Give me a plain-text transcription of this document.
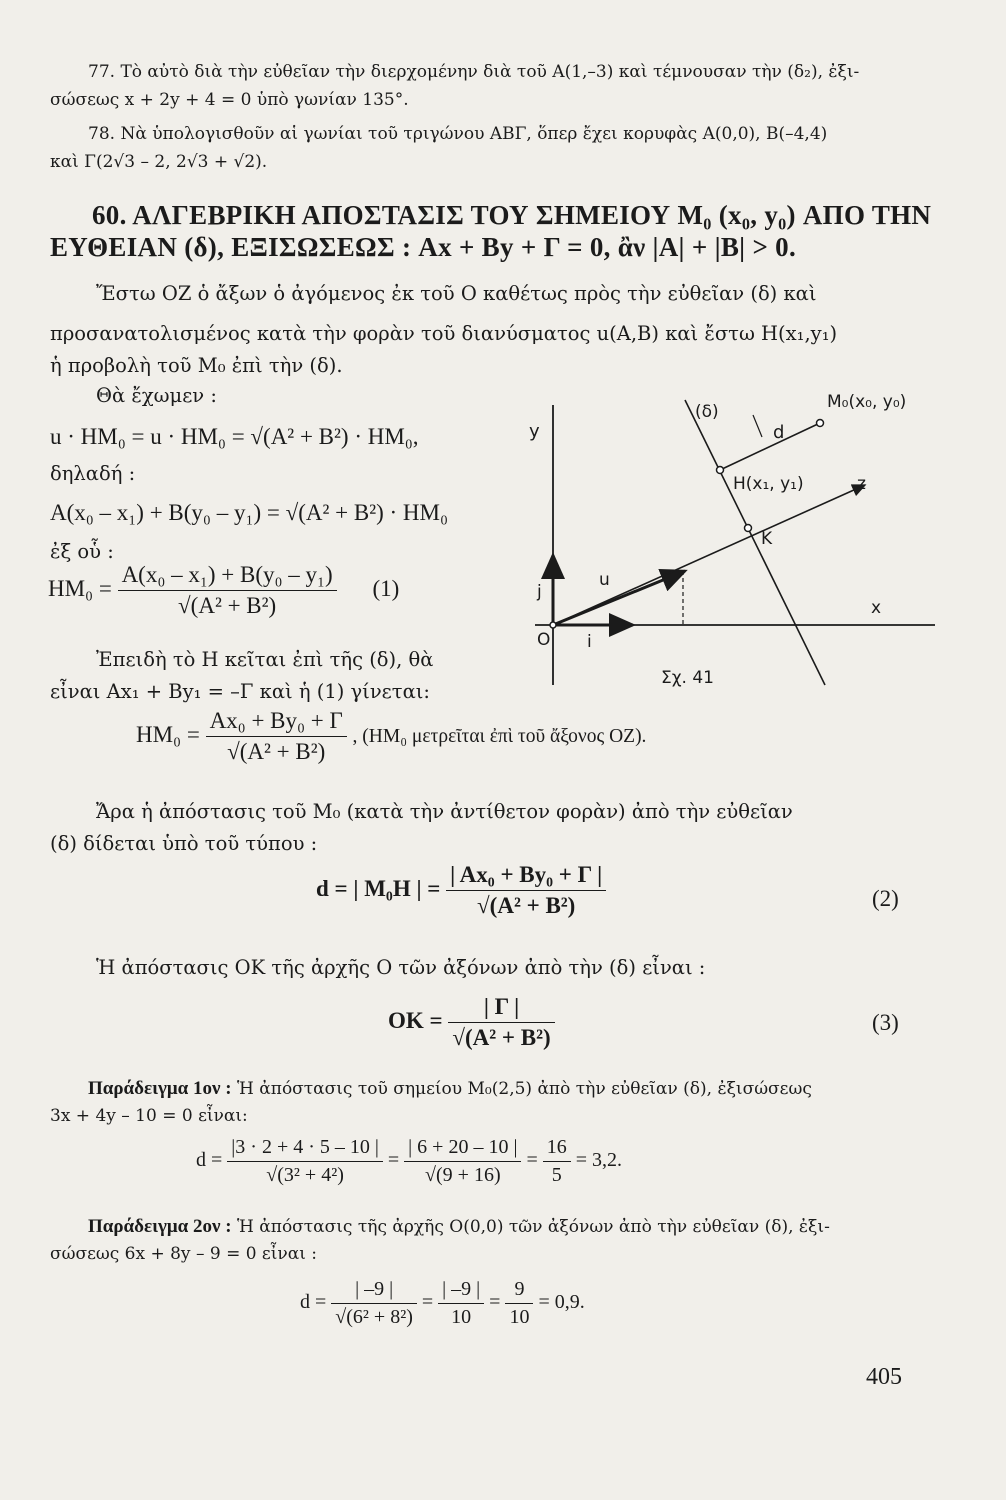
77. Τὸ αὐτὸ διὰ τὴν εὐθεῖαν τὴν διερχομένην διὰ τοῦ Α(1,–3) καὶ τέμνουσαν τὴν (δ₂), ἐξι-
σώσεως x + 2y + 4 = 0 ὑπὸ γωνίαν 135°.
78. Νὰ ὑπολογισθοῦν αἱ γωνίαι τοῦ τριγώνου ΑΒΓ, ὅπερ ἔχει κορυφὰς Α(0,0), Β(–4,4)
καὶ Γ(2√3 – 2, 2√3 + √2).
60. ΑΛΓΕΒΡΙΚΗ ΑΠΟΣΤΑΣΙΣ ΤΟΥ ΣΗΜΕΙΟΥ M₀ (x₀, y₀) ΑΠΟ ΤΗΝ
ΕΥΘΕΙΑΝ (δ), ΕΞΙΣΩΣΕΩΣ : Ax + By + Γ = 0, ἂν |A| + |B| > 0.
Ἔστω OZ ὁ ἄξων ὁ ἀγόμενος ἐκ τοῦ Ο καθέτως πρὸς τὴν εὐθεῖαν (δ) καὶ
προσανατολισμένος κατὰ τὴν φορὰν τοῦ διανύσματος u(A,B) καὶ ἔστω H(x₁,y₁)
ἡ προβολὴ τοῦ M₀ ἐπὶ τὴν (δ).
Θὰ ἔχωμεν :
u · HM₀ = u · HM₀ = √(A² + B²) · HM₀,
δηλαδή :
A(x₀ – x₁) + B(y₀ – y₁) = √(A² + B²) · HM₀
ἐξ οὗ :
$HM_0 = \frac{\text{A(x₀ – x₁) + B(y₀ – y₁)}}{\text{√(A² + B²)}} (1)$
Ἐπειδὴ τὸ H κεῖται ἐπὶ τῆς (δ), θὰ
εἶναι Ax₁ + By₁ = –Γ καὶ ἡ (1) γίνεται:
$HM_0 = \frac{\text{Ax₀ + By₀ + Γ}}{\text{√(A² + B²)}}$ , (HM₀ μετρεῖται ἐπὶ τοῦ ἄξονος OZ).
(δ)	M₀(x₀, y₀)
d
H(x₁, y₁)
K
z
x
y
O i
j
u
Σχ. 41
Ἄρα ἡ ἀπόστασις τοῦ M₀ (κατὰ τὴν ἀντίθετον φορὰν) ἀπὸ τὴν εὐθεῖαν
(δ) δίδεται ὑπὸ τοῦ τύπου :
d = | M₀H | = $\frac{\text{| Ax₀ + By₀ + Γ |}}{\text{√(A² + B²)}}$	(2)
Ἡ ἀπόστασις OK τῆς ἀρχῆς O τῶν ἀξόνων ἀπὸ τὴν (δ) εἶναι :
OK = $\frac{| \Gamma |}{\text{√(A² + B²)}}$	(3)
Παράδειγμα 1ον : Ἡ ἀπόστασις τοῦ σημείου M₀(2,5) ἀπὸ τὴν εὐθεῖαν (δ), ἐξισώσεως
3x + 4y – 10 = 0 εἶναι:
$d = \frac{|3 \cdot 2 + 4 \cdot 5 - 10 |}{\text{√(3² + 4²)}} = \frac{| 6 + 20 - 10 |}{√(9 + 16)} = \frac{16}{5} = 3,2$.
Παράδειγμα 2ον : Ἡ ἀπόστασις τῆς ἀρχῆς O(0,0) τῶν ἀξόνων ἀπὸ τὴν εὐθεῖαν (δ), ἐξι-
σώσεως 6x + 8y – 9 = 0 εἶναι :
$d = \frac{| -9 |}{\text{√(6² + 8²)}} = \frac{| -9 |}{10} = \frac{9}{10} = 0,9$.
405
